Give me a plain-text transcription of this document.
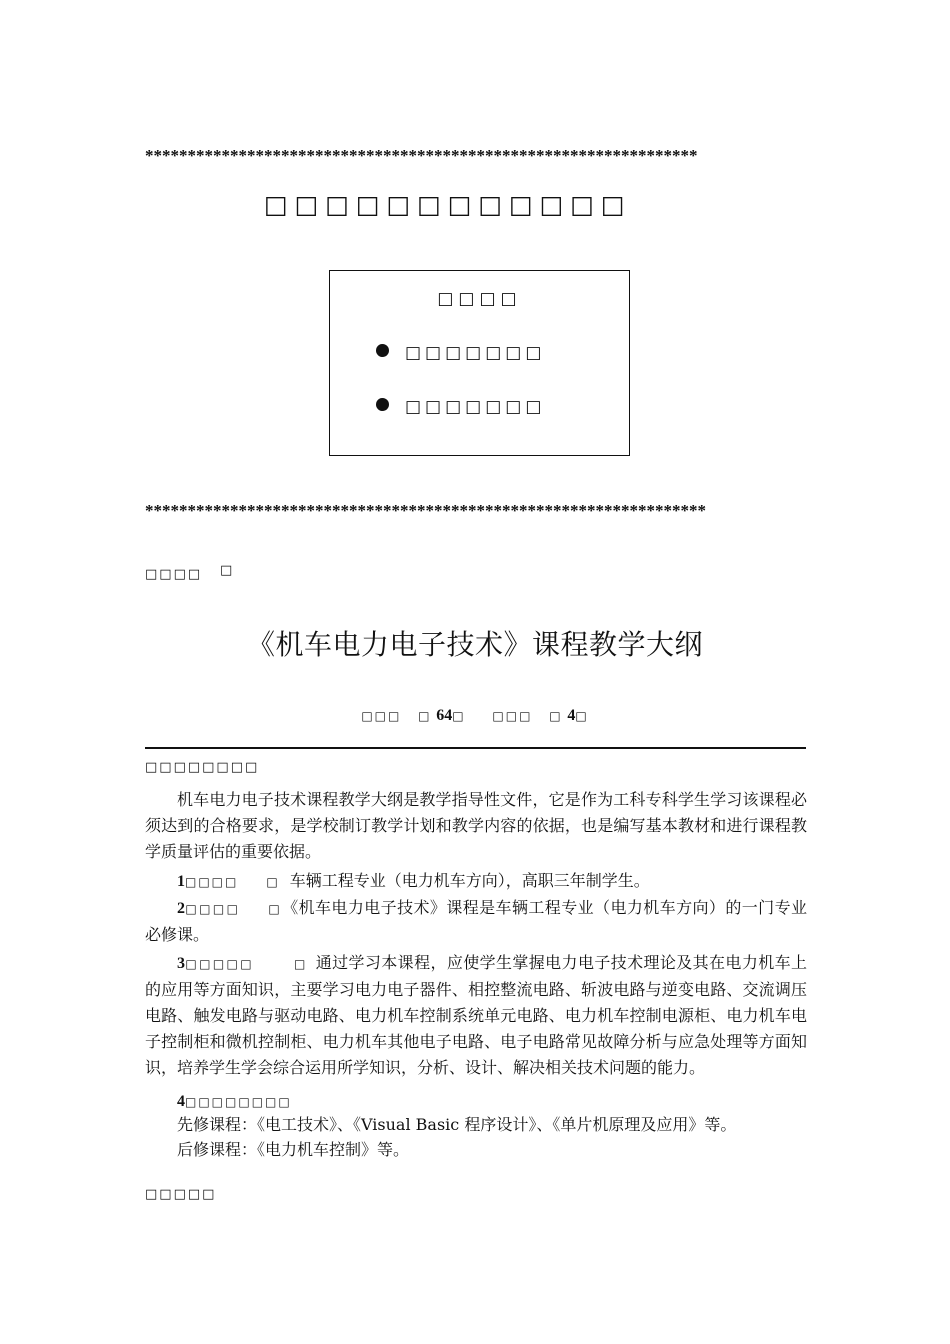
*****************************************************************
□□□□□□□□□□□□
□□□□
□□□□□□□
□□□□□□□
******************************************************************
□□□□ □
《机车电力电子技术》课程教学大纲
□□□ □ 64□ □□□ □ 4□
□□□□□□□□
机车电力电子技术课程教学大纲是教学指导性文件，它是作为工科专科学生学习该课程必须达到的合格要求，是学校制订教学计划和教学内容的依据，也是编写基本教材和进行课程教学质量评估的重要依据。
1□□□□ □ 车辆工程专业（电力机车方向），高职三年制学生。
2□□□□ □《机车电力电子技术》课程是车辆工程专业（电力机车方向）的一门专业必修课。
3□□□□□	□ 通过学习本课程，应使学生掌握电力电子技术理论及其在电力机车上的应用等方面知识，主要学习电力电子器件、相控整流电路、斩波电路与逆变电路、交流调压电路、触发电路与驱动电路、电力机车控制系统单元电路、电力机车控制电源柜、电力机车电子控制柜和微机控制柜、电力机车其他电子电路、电子电路常见故障分析与应急处理等方面知识，培养学生学会综合运用所学知识，分析、设计、解决相关技术问题的能力。
4□□□□□□□□
先修课程：《电工技术》、《Visual Basic 程序设计》、《单片机原理及应用》等。
后修课程：《电力机车控制》等。
□□□□□
